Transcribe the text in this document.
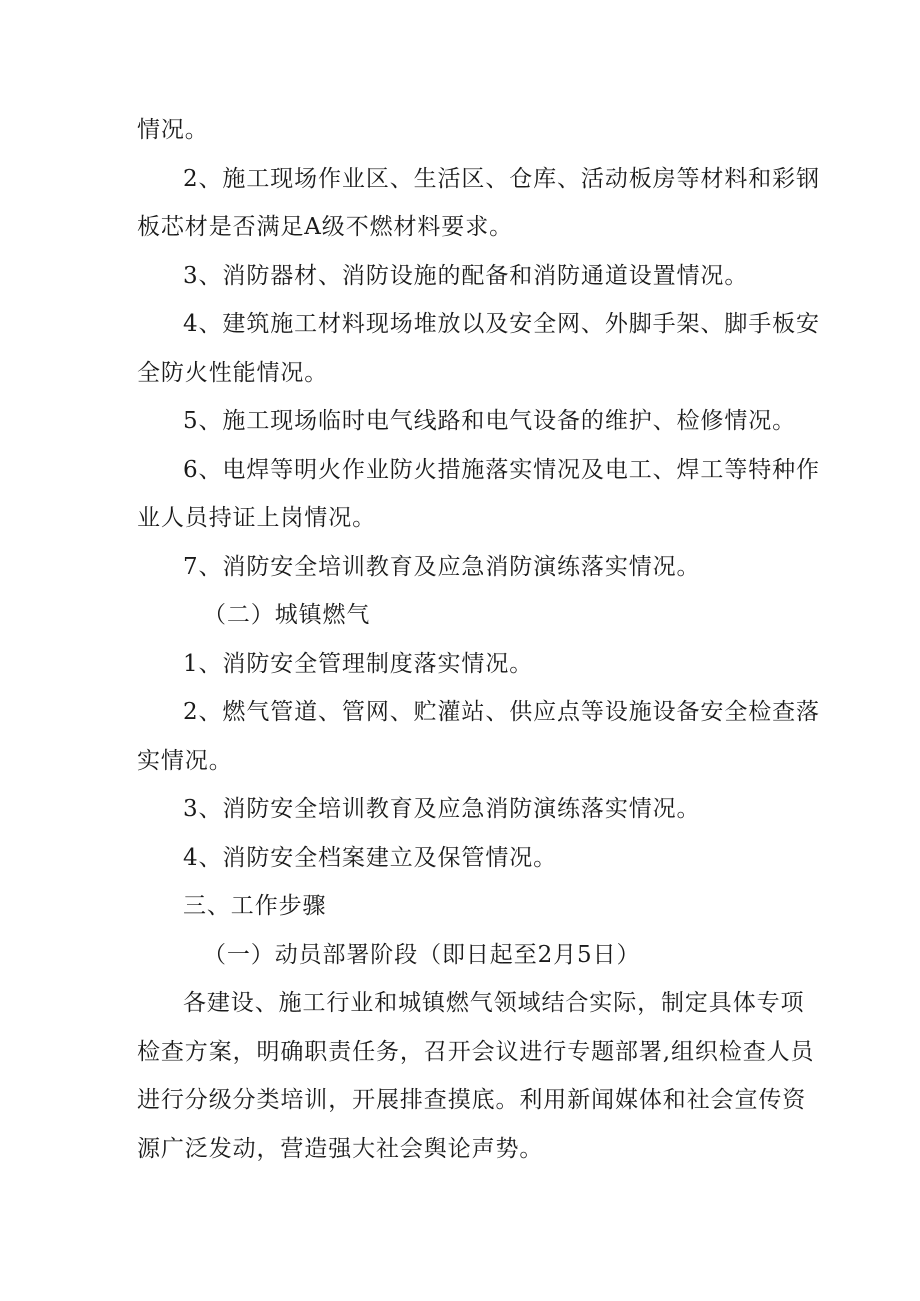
情况。
2、施工现场作业区、生活区、仓库、活动板房等材料和彩钢
板芯材是否满足A级不燃材料要求。
3、消防器材、消防设施的配备和消防通道设置情况。
4、建筑施工材料现场堆放以及安全网、外脚手架、脚手板安
全防火性能情况。
5、施工现场临时电气线路和电气设备的维护、检修情况。
6、电焊等明火作业防火措施落实情况及电工、焊工等特种作
业人员持证上岗情况。
7、消防安全培训教育及应急消防演练落实情况。
（二）城镇燃气
1、消防安全管理制度落实情况。
2、燃气管道、管网、贮灌站、供应点等设施设备安全检查落
实情况。
3、消防安全培训教育及应急消防演练落实情况。
4、消防安全档案建立及保管情况。
三、工作步骤
（一）动员部署阶段（即日起至2月5日）
各建设、施工行业和城镇燃气领域结合实际，制定具体专项
检查方案，明确职责任务，召开会议进行专题部署,组织检查人员
进行分级分类培训，开展排查摸底。利用新闻媒体和社会宣传资
源广泛发动，营造强大社会舆论声势。
